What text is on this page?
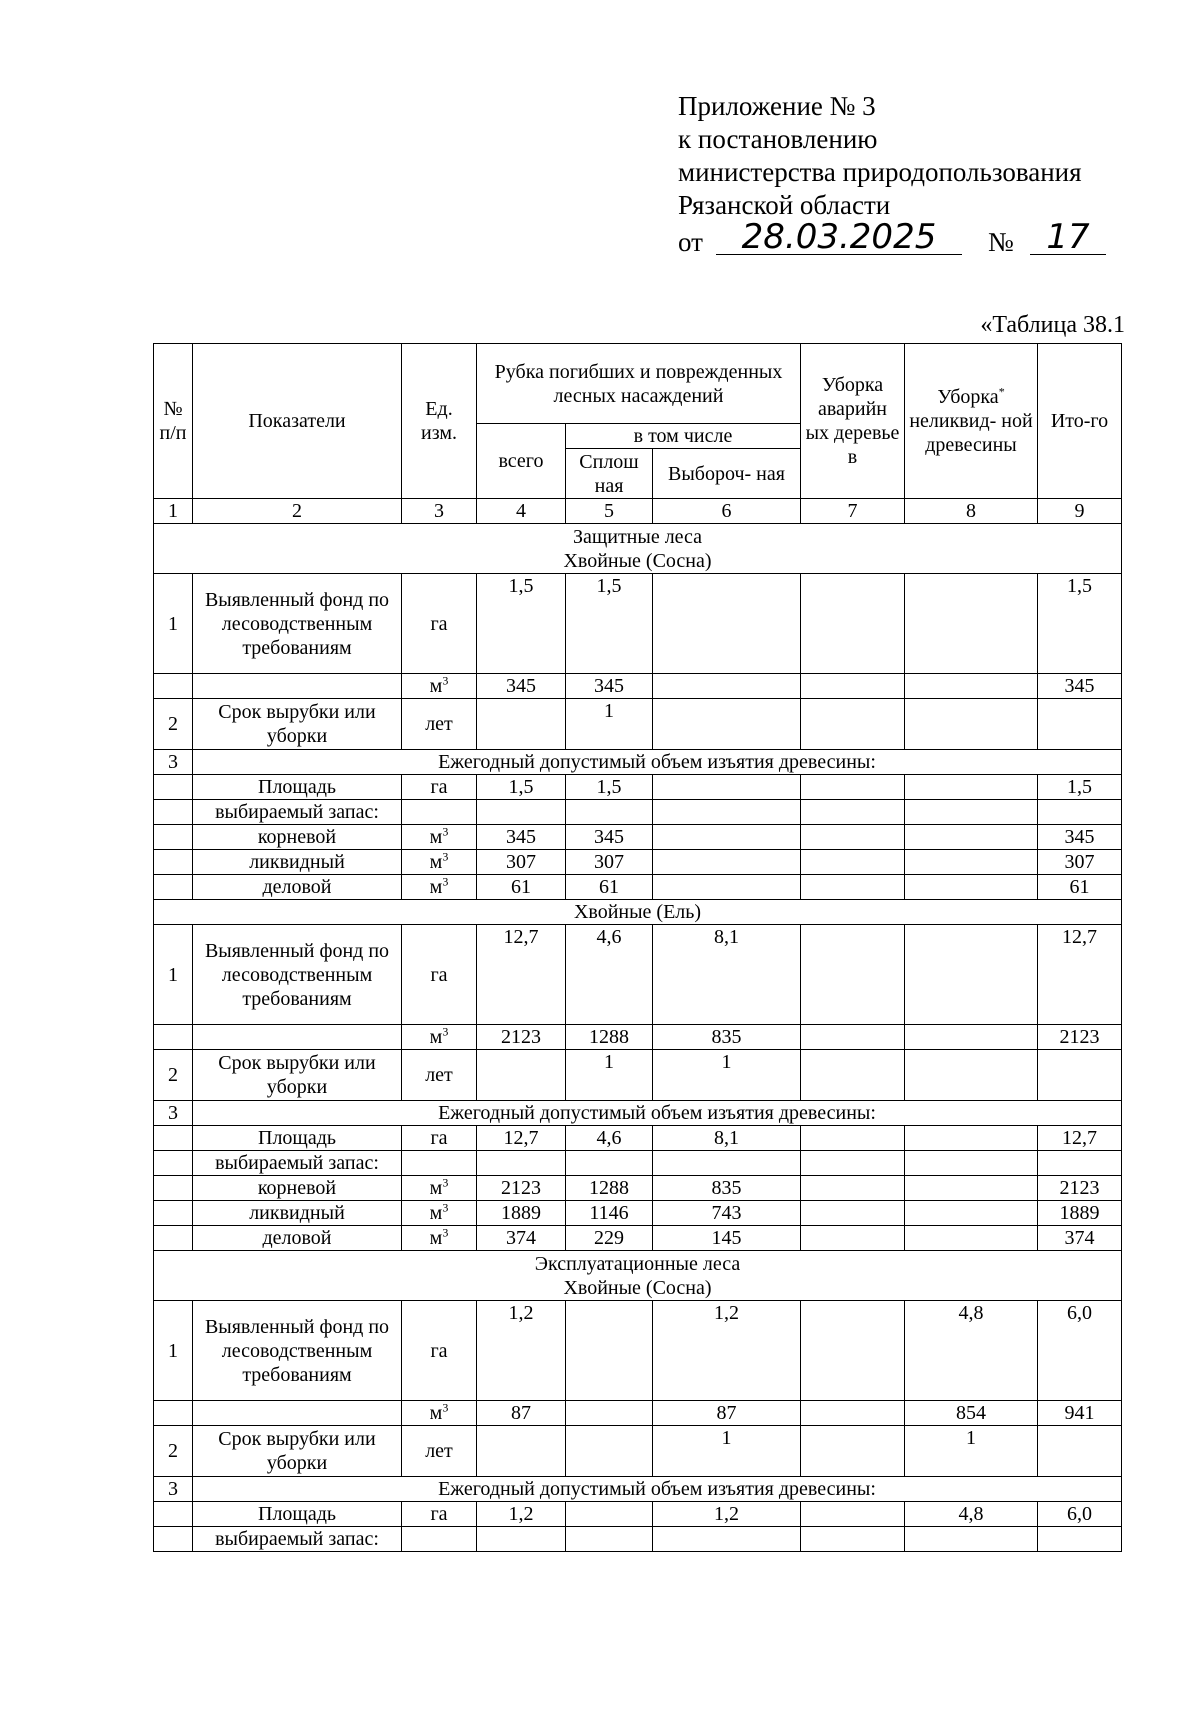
Приложение № 3
к постановлению
министерства природопользования
Рязанской области
от	28.03.2025	№ 17
«Таблица 38.1
№ п/п	Показатели	Ед. изм.	Рубка погибших и поврежденных лесных насаждений			Уборка аварийн ых деревье в	Уборка* неликвид- ной древесины	Ито-го
			всего	в том числе				
				Сплош ная	Выбороч- ная			
1	2	3	4	5	6	7	8	9

Защитные леса
Хвойные (Сосна)								

1	Выявленный фонд по лесоводственным требованиям	га	1,5	1,5				1,5
		$м^3$	345	345				345
2	Срок вырубки или уборки	лет		1				
3	Ежегодный допустимый объем изъятия древесины:							
	Площадь	га	1,5	1,5				1,5
	выбираемый запас:							
	корневой	$м^3$	345	345				345
	ликвидный	$м^3$	307	307				307
	деловой	$м^3$	61	61				61
Хвойные (Ель)								
1	Выявленный фонд по лесоводственным требованиям	га	12,7	4,6	8,1			12,7
		$м^3$	2123	1288	835			2123
2	Срок вырубки или уборки	лет		1	1			
3	Ежегодный допустимый объем изъятия древесины:							
	Площадь	га	12,7	4,6	8,1			12,7
	выбираемый запас:							
	корневой	$м^3$	2123	1288	835			2123
	ликвидный	$м^3$	1889	1146	743			1889
	деловой	$м^3$	374	229	145			374

Эксплуатационные леса
Хвойные (Сосна)								

1	Выявленный фонд по лесоводственным требованиям	га	1,2		1,2		4,8	6,0
		$м^3$	87		87		854	941
2	Срок вырубки или уборки	лет			1		1	
3	Ежегодный допустимый объем изъятия древесины:							
	Площадь	га	1,2		1,2		4,8	6,0
	выбираемый запас:							
